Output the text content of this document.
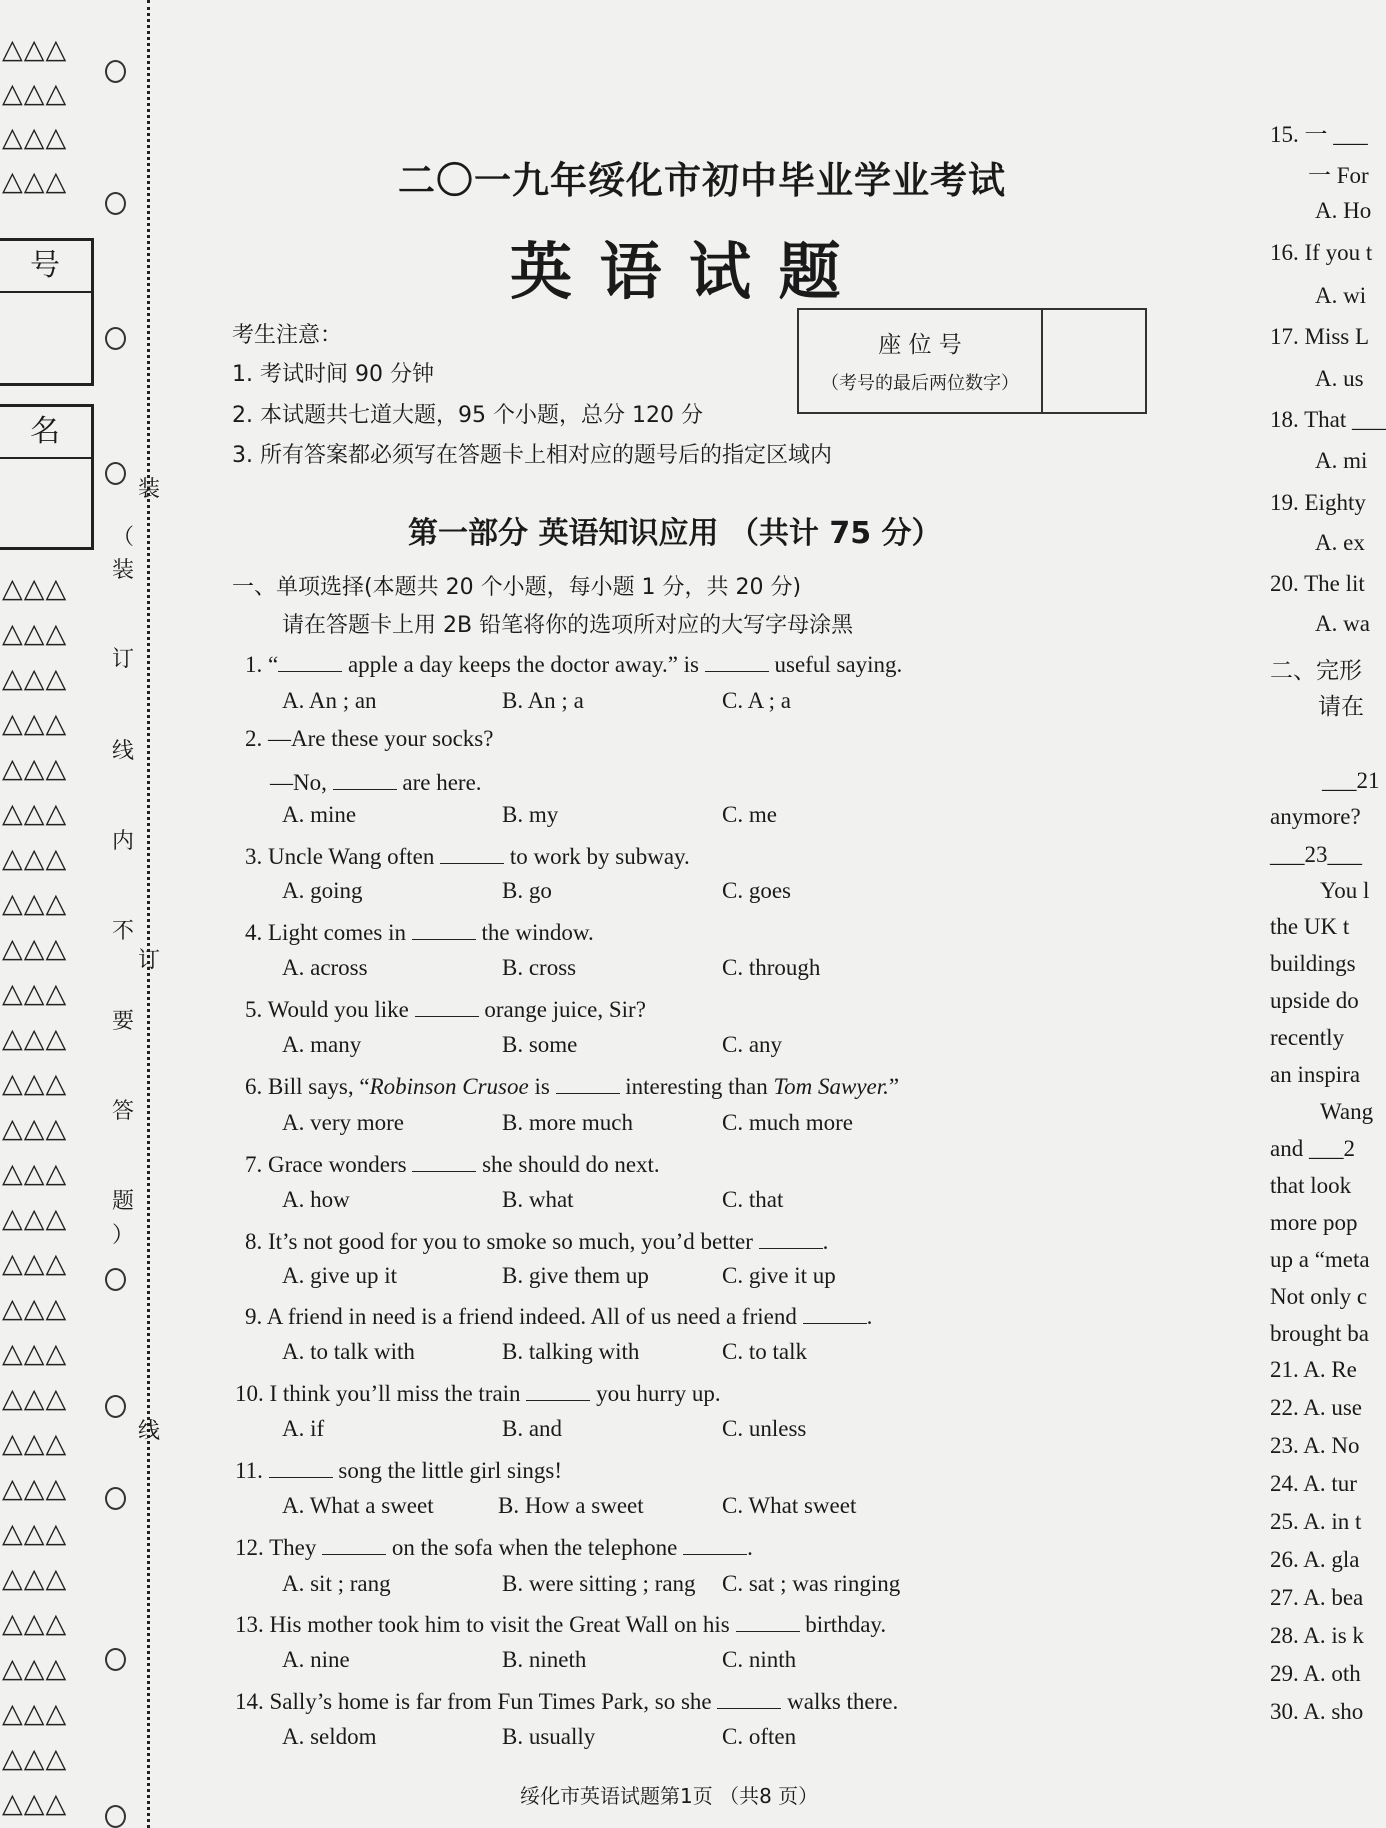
△△△
△△△
△△△
△△△
号
名
△△△
△△△
△△△
△△△
△△△
△△△
△△△
△△△
△△△
△△△
△△△
△△△
△△△
△△△
△△△
△△△
△△△
△△△
△△△
△△△
△△△
△△△
△△△
△△△
△△△
△△△
△△△
△△△
装
（
装
订
线
内
不
要
答
题
）
订
线
二〇一九年绥化市初中毕业学业考试
英 语 试 题
考生注意：
1. 考试时间 90 分钟
2. 本试题共七道大题，95 个小题，总分 120 分
3. 所有答案都必须写在答题卡上相对应的题号后的指定区域内
座 位 号
（考号的最后两位数字）
第一部分 英语知识应用 （共计 75 分）
一、单项选择(本题共 20 个小题，每小题 1 分，共 20 分)
请在答题卡上用 2B 铅笔将你的选项所对应的大写字母涂黑
1. “	apple a day keeps the doctor away.” is	useful saying.
A. An ; an	B. An ; a	C. A ; a
2. —Are these your socks?
—No,	are here.
A. mine	B. my	C. me
3. Uncle Wang often	to work by subway.
A. going	B. go	C. goes
4. Light comes in	the window.
A. across	B. cross	C. through
5. Would you like	orange juice, Sir?
A. many	B. some	C. any
6. Bill says, “Robinson Crusoe is	interesting than Tom Sawyer.”
A. very more	B. more much	C. much more
7. Grace wonders	she should do next.
A. how	B. what	C. that
8. It’s not good for you to smoke so much, you’d better	.
A. give up it	B. give them up	C. give it up
9. A friend in need is a friend indeed. All of us need a friend	.
A. to talk with	B. talking with	C. to talk
10. I think you’ll miss the train	you hurry up.
A. if	B. and	C. unless
11.	song the little girl sings!
A. What a sweet	B. How a sweet	C. What sweet
12. They	on the sofa when the telephone	.
A. sit ; rang	B. were sitting ; rang C. sat ; was ringing
13. His mother took him to visit the Great Wall on his	birthday.
A. nine	B. nineth	C. ninth
14. Sally’s home is far from Fun Times Park, so she	walks there.
A. seldom	B. usually	C. often
绥化市英语试题第1页 （共8 页）
15. 一 ___
一 For
A. Ho
16. If you t
A. wi
17. Miss L
A. us
18. That ___
A. mi
19. Eighty
A. ex
20. The lit
A. wa
二、完形
请在
___21
anymore?
___23___
You l
the UK t
buildings
upside do
recently
an inspira
Wang
and ___2
that look
more pop
up a “meta
Not only c
brought ba
21. A. Re
22. A. use
23. A. No
24. A. tur
25. A. in t
26. A. gla
27. A. bea
28. A. is k
29. A. oth
30. A. sho
